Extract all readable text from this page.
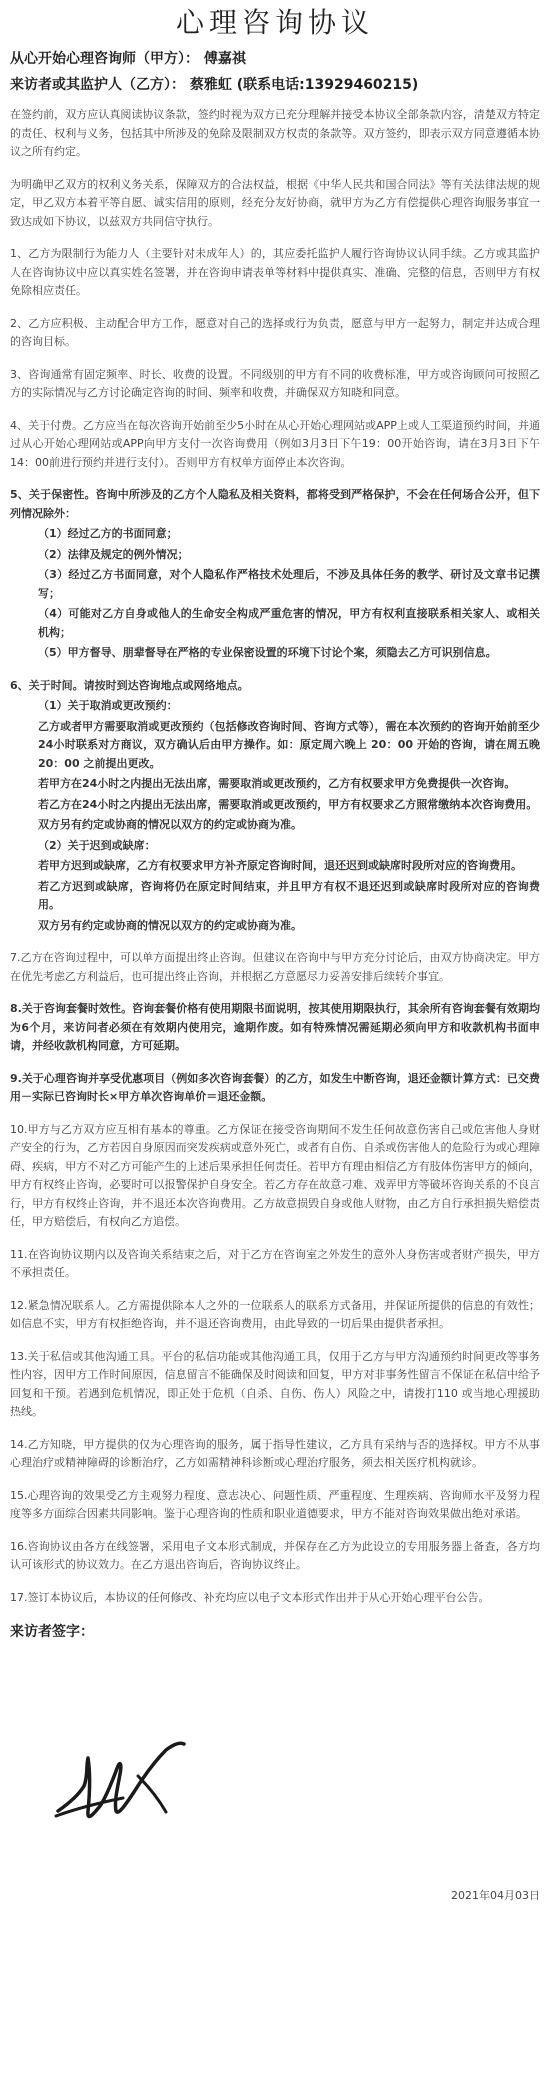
心理咨询协议
从心开始心理咨询师（甲方）： 傅嘉祺
来访者或其监护人（乙方）： 蔡雅虹 (联系电话:13929460215)

在签约前，双方应认真阅读协议条款，签约时视为双方已充分理解并接受本协议全部条款内容，清楚双方特定的责任、权利与义务，包括其中所涉及的免除及限制双方权责的条款等。双方签约，即表示双方同意遵循本协议之所有约定。

为明确甲乙双方的权利义务关系，保障双方的合法权益，根据《中华人民共和国合同法》等有关法律法规的规定，甲乙双方本着平等自愿、诚实信用的原则，经充分友好协商，就甲方为乙方有偿提供心理咨询服务事宜一致达成如下协议，以兹双方共同信守执行。

1、乙方为限制行为能力人（主要针对未成年人）的，其应委托监护人履行咨询协议认同手续。乙方或其监护人在咨询协议中应以真实姓名签署，并在咨询申请表单等材料中提供真实、准确、完整的信息，否则甲方有权免除相应责任。

2、乙方应积极、主动配合甲方工作，愿意对自己的选择或行为负责，愿意与甲方一起努力，制定并达成合理的咨询目标。

3、咨询通常有固定频率、时长、收费的设置。不同级别的甲方有不同的收费标准，甲方或咨询顾问可按照乙方的实际情况与乙方讨论确定咨询的时间、频率和收费，并确保双方知晓和同意。

4、关于付费。乙方应当在每次咨询开始前至少5小时在从心开始心理网站或APP上或人工渠道预约时间，并通过从心开始心理网站或APP向甲方支付一次咨询费用（例如3月3日下午19：00开始咨询，请在3月3日下午14：00前进行预约并进行支付）。否则甲方有权单方面停止本次咨询。

5、关于保密性。咨询中所涉及的乙方个人隐私及相关资料，都将受到严格保护，不会在任何场合公开，但下列情况除外：

（1）经过乙方的书面同意；

（2）法律及规定的例外情况；

（3）经过乙方书面同意，对个人隐私作严格技术处理后，不涉及具体任务的教学、研讨及文章书记撰写；

（4）可能对乙方自身或他人的生命安全构成严重危害的情况，甲方有权利直接联系相关家人、或相关机构；

（5）甲方督导、朋辈督导在严格的专业保密设置的环境下讨论个案，须隐去乙方可识别信息。

6、关于时间。请按时到达咨询地点或网络地点。

（1）关于取消或更改预约：

乙方或者甲方需要取消或更改预约（包括修改咨询时间、咨询方式等），需在本次预约的咨询开始前至少24小时联系对方商议，双方确认后由甲方操作。如：原定周六晚上 20：00 开始的咨询，请在周五晚 20：00 之前提出更改。

若甲方在24小时之内提出无法出席，需要取消或更改预约，乙方有权要求甲方免费提供一次咨询。

若乙方在24小时之内提出无法出席，需要取消或更改预约，甲方有权要求乙方照常缴纳本次咨询费用。

双方另有约定或协商的情况以双方的约定或协商为准。

（2）关于迟到或缺席：

若甲方迟到或缺席，乙方有权要求甲方补齐原定咨询时间，退还迟到或缺席时段所对应的咨询费用。

若乙方迟到或缺席，咨询将仍在原定时间结束，并且甲方有权不退还迟到或缺席时段所对应的咨询费用。

双方另有约定或协商的情况以双方的约定或协商为准。

7.乙方在咨询过程中，可以单方面提出终止咨询。但建议在咨询中与甲方充分讨论后，由双方协商决定。甲方在优先考虑乙方利益后，也可提出终止咨询，并根据乙方意愿尽力妥善安排后续转介事宜。

8.关于咨询套餐时效性。咨询套餐价格有使用期限书面说明，按其使用期限执行，其余所有咨询套餐有效期均为6个月，来访问者必须在有效期内使用完，逾期作废。如有特殊情况需延期必须向甲方和收款机构书面申请，并经收款机构同意，方可延期。

9.关于心理咨询并享受优惠项目（例如多次咨询套餐）的乙方，如发生中断咨询，退还金额计算方式：已交费用－实际已咨询时长×甲方单次咨询单价＝退还金额。

10.甲方与乙方双方应互相有基本的尊重。乙方保证在接受咨询期间不发生任何故意伤害自己或危害他人身财产安全的行为，乙方若因自身原因而突发疾病或意外死亡，或者有自伤、自杀或伤害他人的危险行为或心理障碍、疾病，甲方不对乙方可能产生的上述后果承担任何责任。若甲方有理由相信乙方有肢体伤害甲方的倾向，甲方有权终止咨询，必要时可以报警保护自身安全。若乙方存在故意刁难、戏弄甲方等破坏咨询关系的不良言行，甲方有权终止咨询，并不退还本次咨询费用。乙方故意损毁自身或他人财物，由乙方自行承担损失赔偿责任，甲方赔偿后，有权向乙方追偿。

11.在咨询协议期内以及咨询关系结束之后，对于乙方在咨询室之外发生的意外人身伤害或者财产损失，甲方不承担责任。

12.紧急情况联系人。乙方需提供除本人之外的一位联系人的联系方式备用，并保证所提供的信息的有效性；如信息不实，甲方有权拒绝咨询，并不退还咨询费用，由此导致的一切后果由提供者承担。

13.关于私信或其他沟通工具。平台的私信功能或其他沟通工具，仅用于乙方与甲方沟通预约时间更改等事务性内容，因甲方工作时间原因，信息留言不能确保及时阅读和回复，甲方对非事务性留言不保证在私信中给予回复和干预。若遇到危机情况，即正处于危机（自杀、自伤、伤人）风险之中，请拨打110 或当地心理援助热线。

14.乙方知晓，甲方提供的仅为心理咨询的服务，属于指导性建议，乙方具有采纳与否的选择权。甲方不从事心理治疗或精神障碍的诊断治疗，乙方如需精神科诊断或心理治疗服务，须去相关医疗机构就诊。

15.心理咨询的效果受乙方主观努力程度、意志决心、问题性质、严重程度、生理疾病、咨询师水平及努力程度等多方面综合因素共同影响。鉴于心理咨询的性质和职业道德要求，甲方不能对咨询效果做出绝对承诺。

16.咨询协议由各方在线签署，采用电子文本形式制成，并保存在乙方为此设立的专用服务器上备查，各方均认可该形式的协议效力。在乙方退出咨询后，咨询协议终止。

17.签订本协议后，本协议的任何修改、补充均应以电子文本形式作出并于从心开始心理平台公告。

来访者签字：
2021年04月03日
